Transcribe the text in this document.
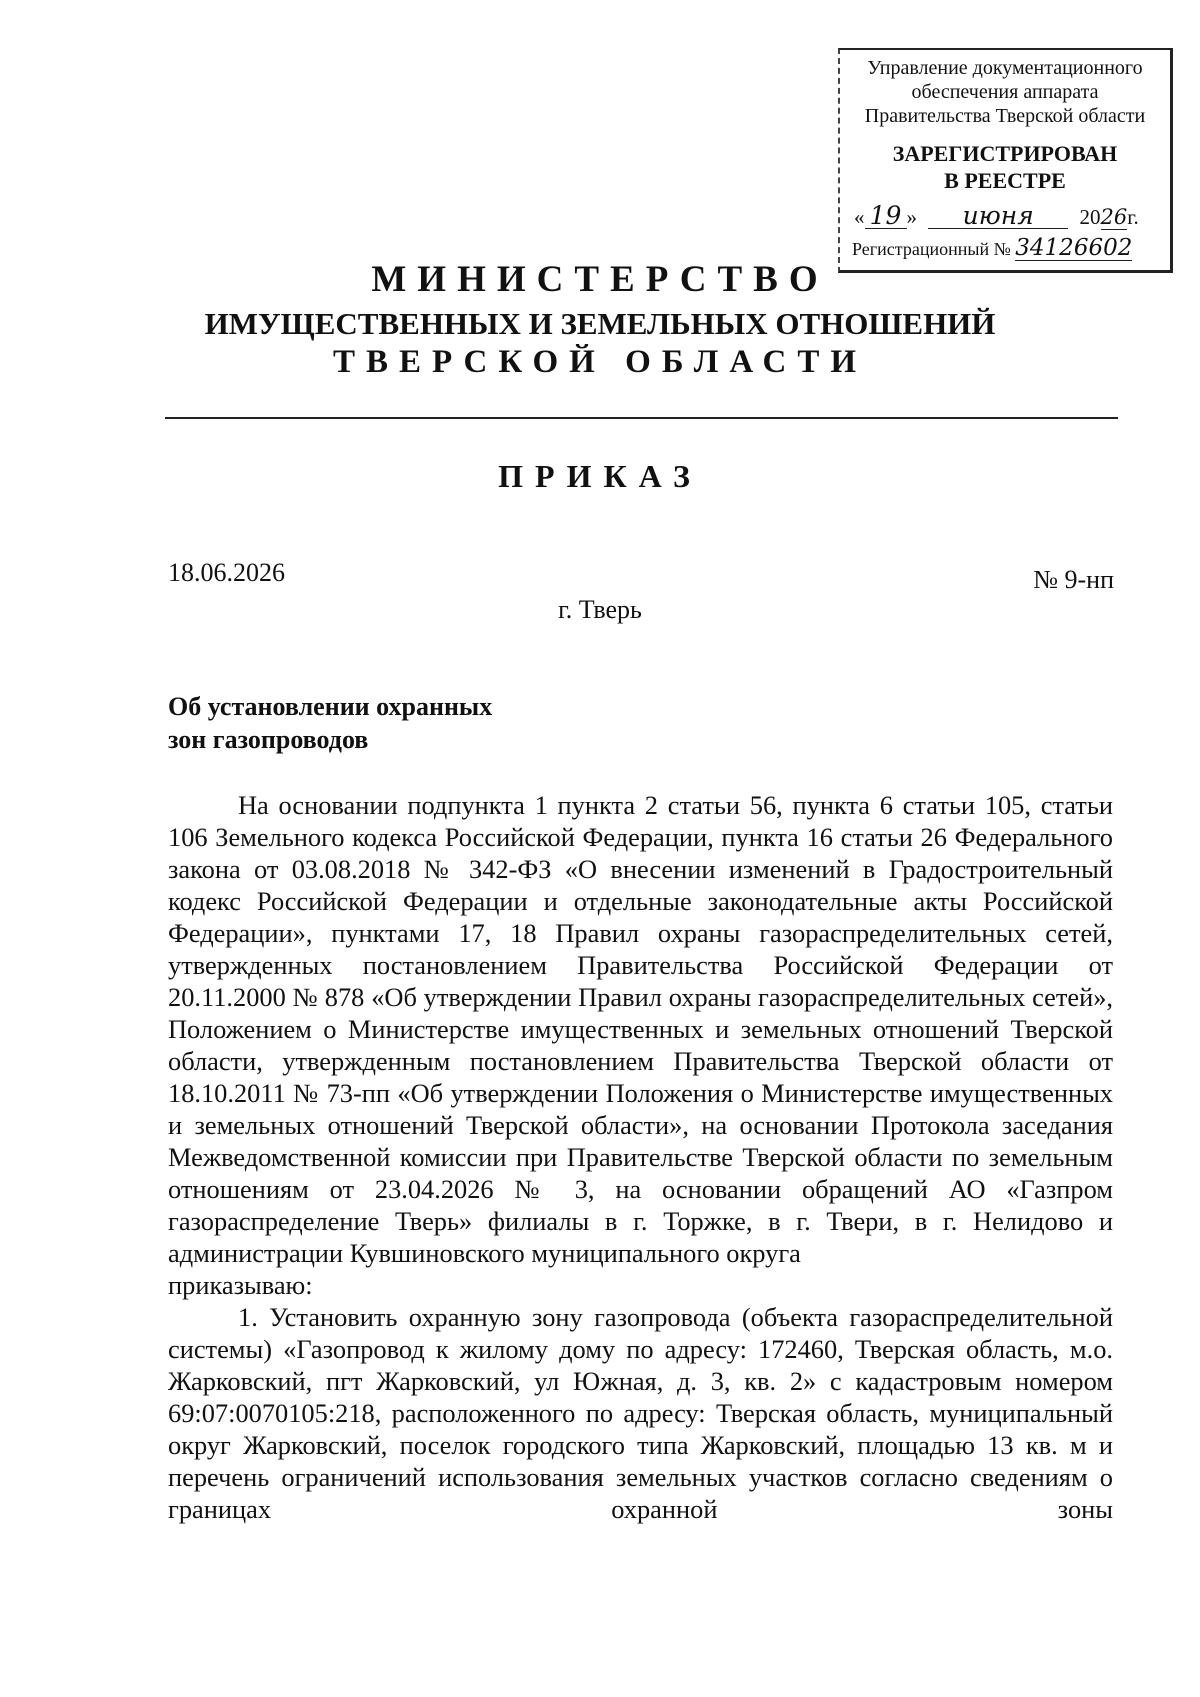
Управление документационного
обеспечения аппарата
Правительства Тверской области
ЗАРЕГИСТРИРОВАН
В РЕЕСТРЕ
« 19 » июня 2026г.
Регистрационный № 34126602
МИНИСТЕРСТВО
ИМУЩЕСТВЕННЫХ И ЗЕМЕЛЬНЫХ ОТНОШЕНИЙ
ТВЕРСКОЙ ОБЛАСТИ
ПРИКАЗ
18.06.2026	№ 9-нп
г. Тверь
Об установлении охранных
зон газопроводов

На основании подпункта 1 пункта 2 статьи 56, пункта 6 статьи 105, статьи 106 Земельного кодекса Российской Федерации, пункта 16 статьи 26 Федерального закона от 03.08.2018 № 342-ФЗ «О внесении изменений в Градостроительный кодекс Российской Федерации и отдельные законодательные акты Российской Федерации», пунктами 17, 18 Правил охраны газораспределительных сетей, утвержденных постановлением Правительства Российской Федерации от 20.11.2000 № 878 «Об утверждении Правил охраны газораспределительных сетей», Положением о Министерстве имущественных и земельных отношений Тверской области, утвержденным постановлением Правительства Тверской области от 18.10.2011 № 73-пп «Об утверждении Положения о Министерстве имущественных и земельных отношений Тверской области», на основании Протокола заседания Межведомственной комиссии при Правительстве Тверской области по земельным отношениям от 23.04.2026 № 3, на основании обращений АО «Газпром газораспределение Тверь» филиалы в г. Торжке, в г. Твери, в г. Нелидово и администрации Кувшиновского муниципального округа

приказываю:

1. Установить охранную зону газопровода (объекта газораспределительной системы) «Газопровод к жилому дому по адресу: 172460, Тверская область, м.о. Жарковский, пгт Жарковский, ул Южная, д. 3, кв. 2» с кадастровым номером 69:07:0070105:218, расположенного по адресу: Тверская область, муниципальный округ Жарковский, поселок городского типа Жарковский, площадью 13 кв. м и перечень ограничений использования земельных участков согласно сведениям о границах охранной зоны
